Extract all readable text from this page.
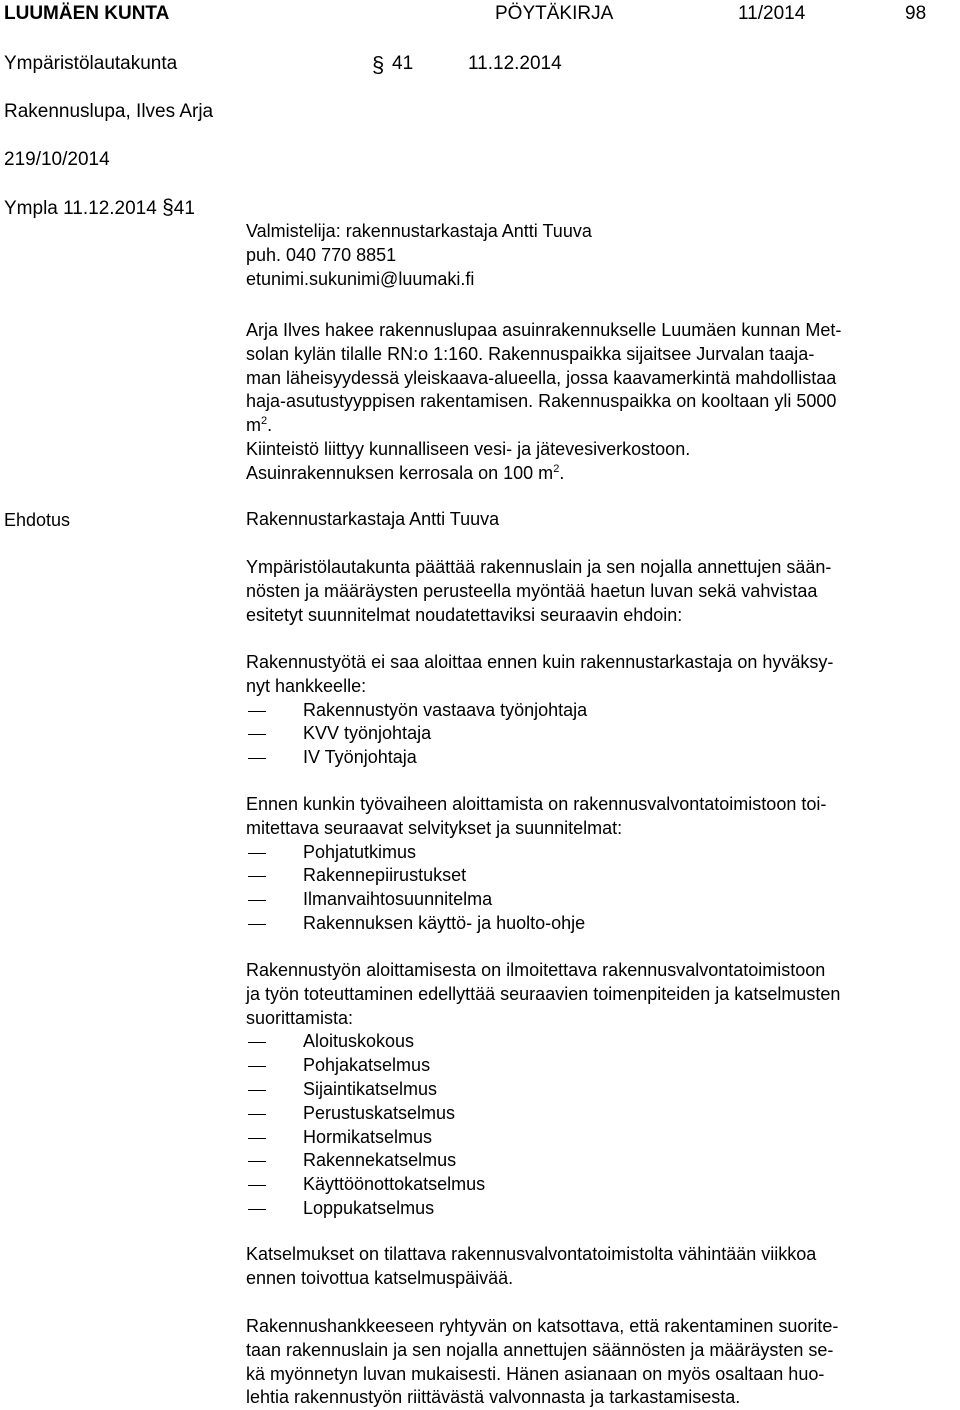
LUUMÄEN KUNTA	PÖYTÄKIRJA	11/2014	98
Ympäristölautakunta	§ 41	11.12.2014
Rakennuslupa, Ilves Arja
219/10/2014
Ympla 11.12.2014 §41

Valmistelija: rakennustarkastaja Antti Tuuva

puh. 040 770 8851

etunimi.sukunimi@luumaki.fi

Arja Ilves hakee rakennuslupaa asuinrakennukselle Luumäen kunnan Met-

solan kylän tilalle RN:o 1:160. Rakennuspaikka sijaitsee Jurvalan taaja-

man läheisyydessä yleiskaava-alueella, jossa kaavamerkintä mahdollistaa

haja-asutustyyppisen rakentamisen. Rakennuspaikka on kooltaan yli 5000

$m^2$.

Kiinteistö liittyy kunnalliseen vesi- ja jätevesiverkostoon.

Asuinrakennuksen kerrosala on 100 $m^2$.

Ehdotus	Rakennustarkastaja Antti Tuuva

Ympäristölautakunta päättää rakennuslain ja sen nojalla annettujen sään-

nösten ja määräysten perusteella myöntää haetun luvan sekä vahvistaa

esitetyt suunnitelmat noudatettaviksi seuraavin ehdoin:

Rakennustyötä ei saa aloittaa ennen kuin rakennustarkastaja on hyväksy-

nyt hankkeelle:

Rakennustyön vastaava työnjohtaja

KVV työnjohtaja

IV Työnjohtaja

Ennen kunkin työvaiheen aloittamista on rakennusvalvontatoimistoon toi-

mitettava seuraavat selvitykset ja suunnitelmat:

Pohjatutkimus

Rakennepiirustukset

Ilmanvaihtosuunnitelma

Rakennuksen käyttö- ja huolto-ohje

Rakennustyön aloittamisesta on ilmoitettava rakennusvalvontatoimistoon

ja työn toteuttaminen edellyttää seuraavien toimenpiteiden ja katselmusten

suorittamista:

Aloituskokous

Pohjakatselmus

Sijaintikatselmus

Perustuskatselmus

Hormikatselmus

Rakennekatselmus

Käyttöönottokatselmus

Loppukatselmus

Katselmukset on tilattava rakennusvalvontatoimistolta vähintään viikkoa

ennen toivottua katselmuspäivää.

Rakennushankkeeseen ryhtyvän on katsottava, että rakentaminen suorite-

taan rakennuslain ja sen nojalla annettujen säännösten ja määräysten se-

kä myönnetyn luvan mukaisesti. Hänen asianaan on myös osaltaan huo-

lehtia rakennustyön riittävästä valvonnasta ja tarkastamisesta.
